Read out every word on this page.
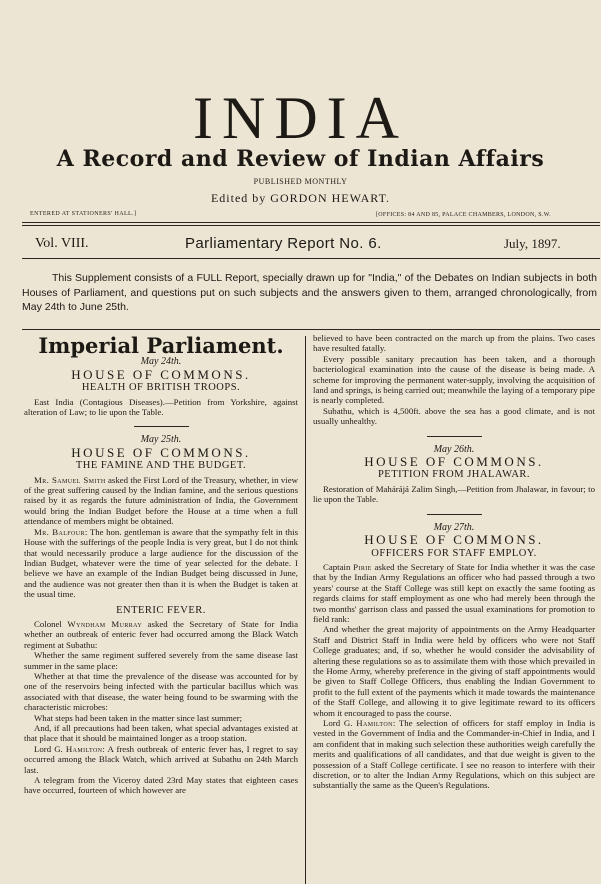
INDIA
A Record and Review of Indian Affairs
PUBLISHED MONTHLY
Edited by GORDON HEWART.
ENTERED AT STATIONERS' HALL.]	[OFFICES: 84 AND 85, PALACE CHAMBERS, LONDON, S.W.
Vol. VIII.	Parliamentary Report No. 6.	July, 1897.
This Supplement consists of a FULL Report, specially drawn up for "India," of the Debates on Indian subjects in both Houses of Parliament, and questions put on such subjects and the answers given to them, arranged chronologically, from May 24th to June 25th.
Imperial Parliament.
May 24th.
HOUSE OF COMMONS.
HEALTH OF BRITISH TROOPS.

East India (Contagious Diseases).—Petition from Yorkshire, against alteration of Law; to lie upon the Table.

May 25th.
HOUSE OF COMMONS.
THE FAMINE AND THE BUDGET.

Mr. Samuel Smith asked the First Lord of the Treasury, whether, in view of the great suffering caused by the Indian famine, and the serious questions raised by it as regards the future administration of India, the Government would bring the Indian Budget before the House at a time when a full attendance of members might be obtained.

Mr. Balfour: The hon. gentleman is aware that the sympathy felt in this House with the sufferings of the people India is very great, but I do not think that would necessarily produce a large audience for the discussion of the Indian Budget, whatever were the time of year selected for the debate. I believe we have an example of the Indian Budget being discussed in June, and the audience was not greater then than it is when the Budget is taken at the usual time.

ENTERIC FEVER.

Colonel Wyndham Murray asked the Secretary of State for India whether an outbreak of enteric fever had occurred among the Black Watch regiment at Subathu:

Whether the same regiment suffered severely from the same disease last summer in the same place:

Whether at that time the prevalence of the disease was accounted for by one of the reservoirs being infected with the particular bacillus which was associated with that disease, the water being found to be swarming with the characteristic microbes:

What steps had been taken in the matter since last summer;

And, if all precautions had been taken, what special advantages existed at that place that it should be maintained longer as a troop station.

Lord G. Hamilton: A fresh outbreak of enteric fever has, I regret to say occurred among the Black Watch, which arrived at Subathu on 24th March last.

A telegram from the Viceroy dated 23rd May states that eighteen cases have occurred, fourteen of which however are

believed to have been contracted on the march up from the plains. Two cases have resulted fatally.

Every possible sanitary precaution has been taken, and a thorough bacteriological examination into the cause of the disease is being made. A scheme for improving the permanent water-supply, involving the acquisition of land and springs, is being carried out; meanwhile the laying of a temporary pipe is nearly completed.

Subathu, which is 4,500ft. above the sea has a good climate, and is not usually unhealthy.

May 26th.
HOUSE OF COMMONS.
PETITION FROM JHALAWAR.

Restoration of Mahárájá Zalim Singh,—Petition from Jhalawar, in favour; to lie upon the Table.

May 27th.
HOUSE OF COMMONS.
OFFICERS FOR STAFF EMPLOY.

Captain Pirie asked the Secretary of State for India whether it was the case that by the Indian Army Regulations an officer who had passed through a two years' course at the Staff College was still kept on exactly the same footing as regards claims for staff employment as one who had merely been through the two months' garrison class and passed the usual examinations for promotion to field rank:

And whether the great majority of appointments on the Army Headquarter Staff and District Staff in India were held by officers who were not Staff College graduates; and, if so, whether he would consider the advisability of altering these regulations so as to assimilate them with those which prevailed in the Home Army, whereby preference in the giving of staff appointments would be given to Staff College Officers, thus enabling the Indian Government to profit to the full extent of the payments which it made towards the maintenance of the Staff College, and allowing it to give legitimate reward to its officers whom it encouraged to pass the course.

Lord G. Hamilton: The selection of officers for staff employ in India is vested in the Government of India and the Commander-in-Chief in India, and I am confident that in making such selection these authorities weigh carefully the merits and qualifications of all candidates, and that due weight is given to the possession of a Staff College certificate. I see no reason to interfere with their discretion, or to alter the Indian Army Regulations, which on this subject are substantially the same as the Queen's Regulations.
